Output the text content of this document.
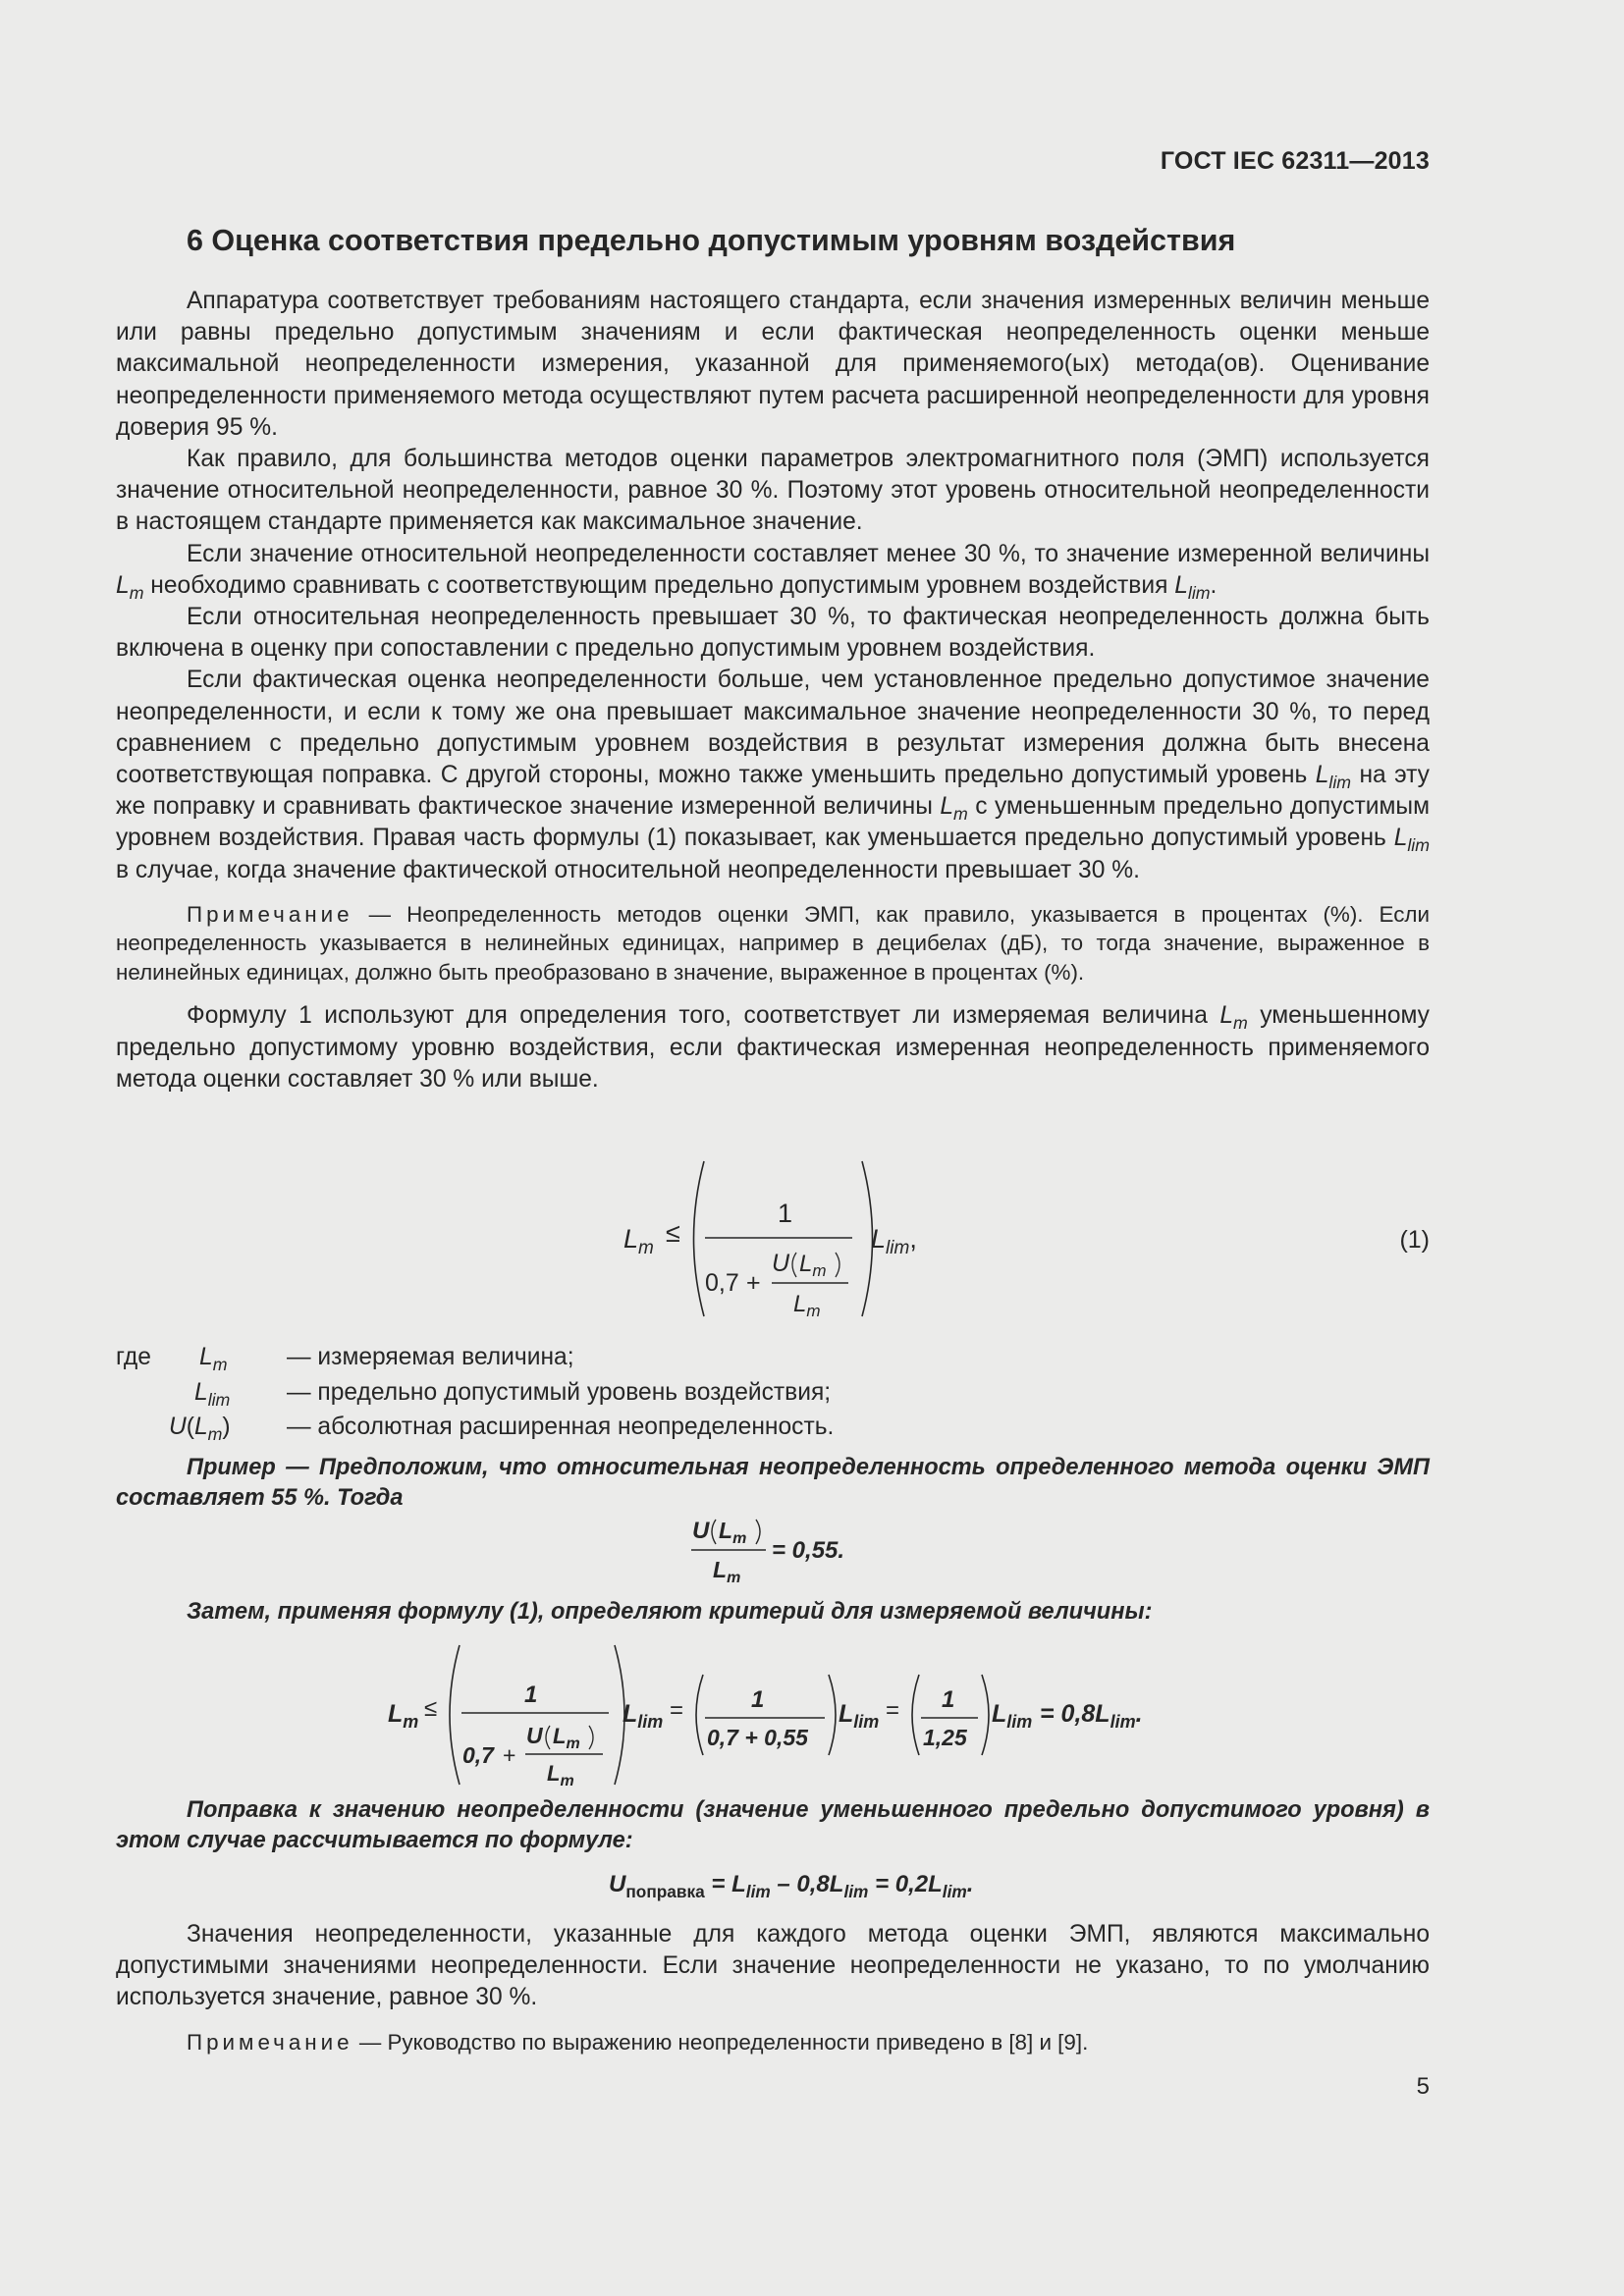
ГОСТ IEC 62311—2013
6 Оценка соответствия предельно допустимым уровням воздействия

Аппаратура соответствует требованиям настоящего стандарта, если значения измеренных величин меньше или равны предельно допустимым значениям и если фактическая неопределенность оценки меньше максимальной неопределенности измерения, указанной для применяемого(ых) метода(ов). Оценивание неопределенности применяемого метода осуществляют путем расчета расширенной неопределенности для уровня доверия 95 %.

Как правило, для большинства методов оценки параметров электромагнитного поля (ЭМП) используется значение относительной неопределенности, равное 30 %. Поэтому этот уровень относительной неопределенности в настоящем стандарте применяется как максимальное значение.

Если значение относительной неопределенности составляет менее 30 %, то значение измеренной величины $L_m$ необходимо сравнивать с соответствующим предельно допустимым уровнем воздействия $L_{lim}$.

Если относительная неопределенность превышает 30 %, то фактическая неопределенность должна быть включена в оценку при сопоставлении с предельно допустимым уровнем воздействия.

Если фактическая оценка неопределенности больше, чем установленное предельно допустимое значение неопределенности, и если к тому же она превышает максимальное значение неопределенности 30 %, то перед сравнением с предельно допустимым уровнем воздействия в результат измерения должна быть внесена соответствующая поправка. С другой стороны, можно также уменьшить предельно допустимый уровень $L_{lim}$ на эту же поправку и сравнивать фактическое значение измеренной величины $L_m$ с уменьшенным предельно допустимым уровнем воздействия. Правая часть формулы (1) показывает, как уменьшается предельно допустимый уровень $L_{lim}$ в случае, когда значение фактической относительной неопределенности превышает 30 %.

Примечание — Неопределенность методов оценки ЭМП, как правило, указывается в процентах (%). Если неопределенность указывается в нелинейных единицах, например в децибелах (дБ), то тогда значение, выраженное в нелинейных единицах, должно быть преобразовано в значение, выраженное в процентах (%).

Формулу 1 используют для определения того, соответствует ли измеряемая величина $L_m$ уменьшенному предельно допустимому уровню воздействия, если фактическая измеренная неопределенность применяемого метода оценки составляет 30 % или выше.

$L_m$
≤
1
0,7 +
U $L_m$
$L_m$
$L_{lim}$,	(1)
где $L_m$ — измеряемая величина;
$L_{lim}$ — предельно допустимый уровень воздействия;
$U(L_m)$ — абсолютная расширенная неопределенность.

Пример — Предположим, что относительная неопределенность определенного метода оценки ЭМП составляет 55 %. Тогда

U $L_m$
$L_m$
= 0,55.

Затем, применяя формулу (1), определяют критерий для измеряемой величины:

$L_m$ ≤
1
0,7 +
U $L_m$
$L_m$
$L_{lim}$ =	1
0,7 + 0,55
$L_{lim} = 1$
1,25
$L_{lim} = 0,8L_{lim}$.

Поправка к значению неопределенности (значение уменьшенного предельно допустимого уровня) в этом случае рассчитывается по формуле:

$U_{поправка} = L_{lim} - 0,8L_{lim} = 0,2L_{lim}$.

Значения неопределенности, указанные для каждого метода оценки ЭМП, являются максимально допустимыми значениями неопределенности. Если значение неопределенности не указано, то по умолчанию используется значение, равное 30 %.

Примечание — Руководство по выражению неопределенности приведено в [8] и [9].

5
